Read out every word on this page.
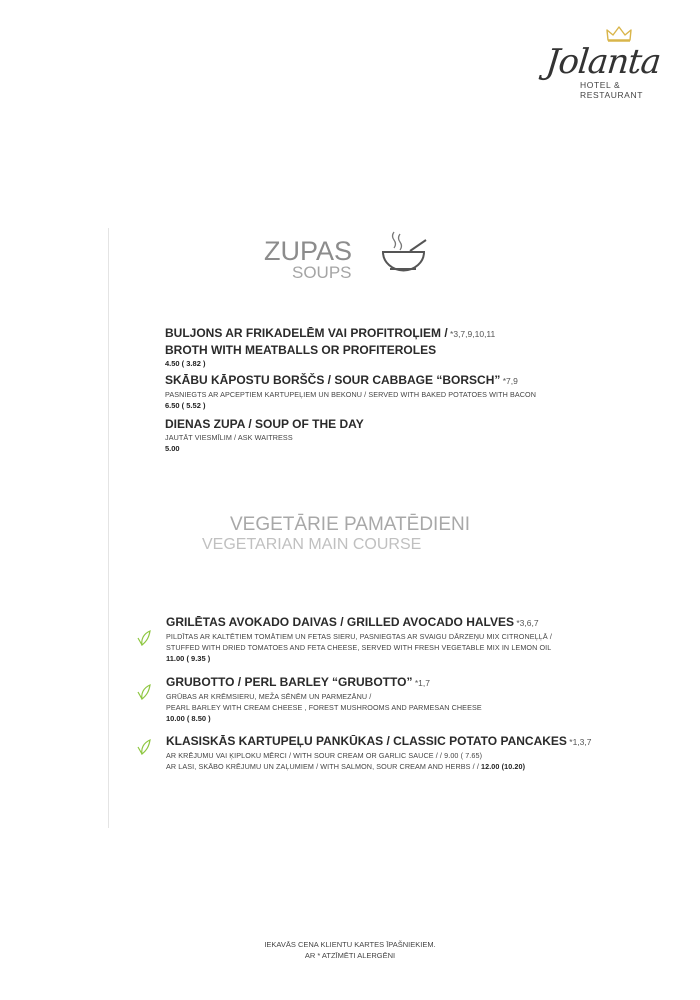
Jolanta
HOTEL & RESTAURANT
ZUPAS
SOUPS
BULJONS AR FRIKADELĒM VAI PROFITROĻIEM / *3,7,9,10,11
BROTH WITH MEATBALLS OR PROFITEROLES
4.50 ( 3.82 )
SKĀBU KĀPOSTU BORŠČS / SOUR CABBAGE “BORSCH” *7,9
PASNIEGTS AR APCEPTIEM KARTUPEĻIEM UN BEKONU / SERVED WITH BAKED POTATOES WITH BACON
6.50 ( 5.52 )
DIENAS ZUPA / SOUP OF THE DAY
JAUTĀT VIESMĪLIM / ASK WAITRESS
5.00
VEGETĀRIE PAMATĒDIENI
VEGETARIAN MAIN COURSE
GRILĒTAS AVOKADO DAIVAS / GRILLED AVOCADO HALVES *3,6,7
PILDĪTAS AR KALTĒTIEM TOMĀTIEM UN FETAS SIERU, PASNIEGTAS AR SVAIGU DĀRZEŅU MIX CITRONEĻĻĀ /
STUFFED WITH DRIED TOMATOES AND FETA CHEESE, SERVED WITH FRESH VEGETABLE MIX IN LEMON OIL
11.00 ( 9.35 )
GRUBOTTO / PERL BARLEY “GRUBOTTO” *1,7
GRŪBAS AR KRĒMSIERU, MEŽA SĒNĒM UN PARMEZĀNU /
PEARL BARLEY WITH CREAM CHEESE , FOREST MUSHROOMS AND PARMESAN CHEESE
10.00 ( 8.50 )
KLASISKĀS KARTUPEĻU PANKŪKAS / CLASSIC POTATO PANCAKES *1,3,7
AR KRĒJUMU VAI ĶIPLOKU MĒRCI / WITH SOUR CREAM OR GARLIC SAUCE / / 9.00 ( 7.65)
AR LASI, SKĀBO KRĒJUMU UN ZAĻUMIEM / WITH SALMON, SOUR CREAM AND HERBS / / 12.00 (10.20)
IEKAVĀS CENA KLIENTU KARTES ĪPAŠNIEKIEM.
AR * ATZĪMĒTI ALERGĒNI
